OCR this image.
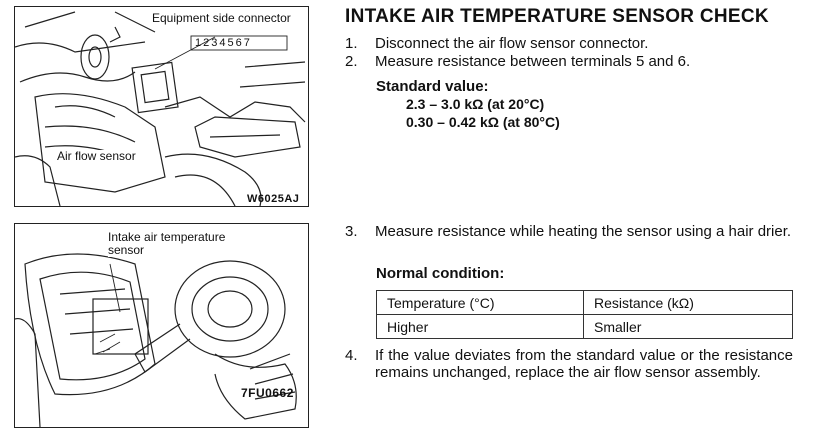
Equipment side connector
1234567
Air flow sensor
W6025AJ
Intake air temperature sensor
7FU0662
INTAKE AIR TEMPERATURE SENSOR CHECK
1. Disconnect the air flow sensor connector.
2. Measure resistance between terminals 5 and 6.
Standard value:
2.3 – 3.0 kΩ (at 20°C)
0.30 – 0.42 kΩ (at 80°C)
3. Measure resistance while heating the sensor using a hair drier.
Normal condition:
Temperature (°C)	Resistance (kΩ)
Higher	Smaller
4. If the value deviates from the standard value or the resistance remains unchanged, replace the air flow sensor assembly.
